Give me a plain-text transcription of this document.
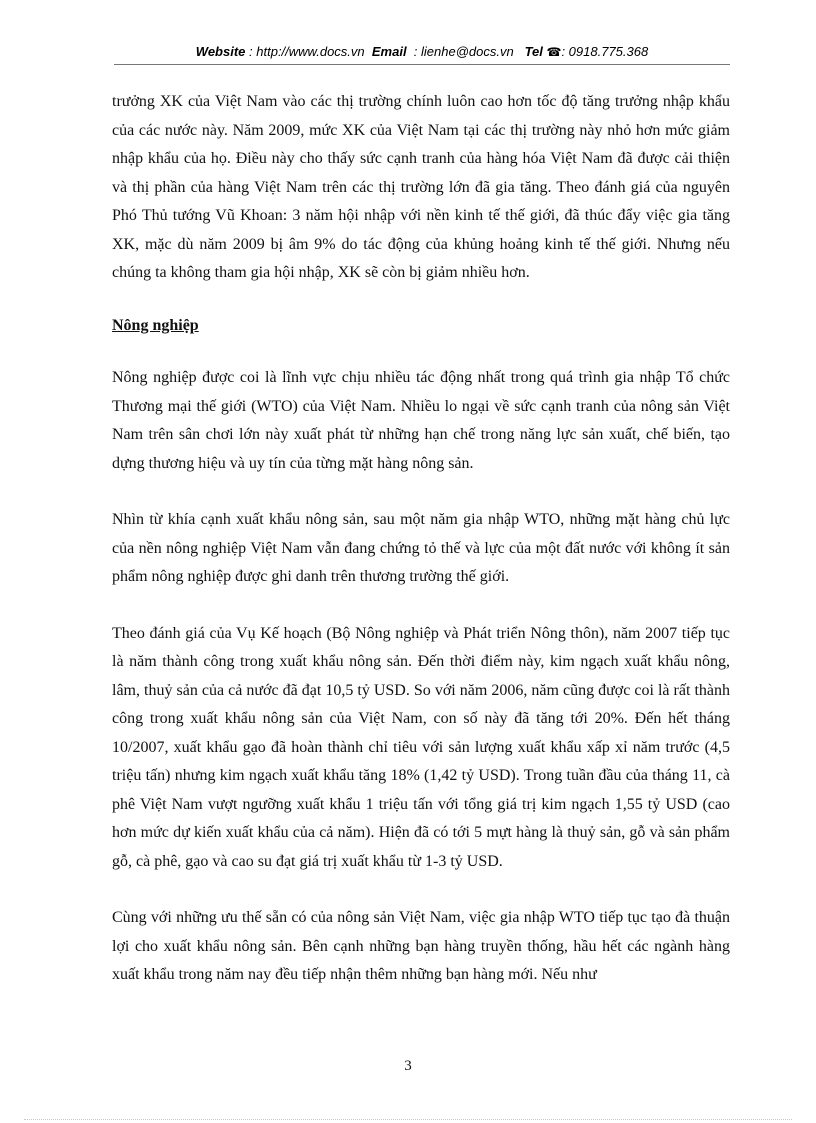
Website : http://www.docs.vn Email : lienhe@docs.vn Tel ☎: 0918.775.368

trưởng XK của Việt Nam vào các thị trường chính luôn cao hơn tốc độ tăng trưởng nhập khẩu của các nước này. Năm 2009, mức XK của Việt Nam tại các thị trường này nhỏ hơn mức giảm nhập khẩu của họ. Điều này cho thấy sức cạnh tranh của hàng hóa Việt Nam đã được cải thiện và thị phần của hàng Việt Nam trên các thị trường lớn đã gia tăng. Theo đánh giá của nguyên Phó Thủ tướng Vũ Khoan: 3 năm hội nhập với nền kinh tế thế giới, đã thúc đẩy việc gia tăng XK, mặc dù năm 2009 bị âm 9% do tác động của khủng hoảng kinh tế thế giới. Nhưng nếu chúng ta không tham gia hội nhập, XK sẽ còn bị giảm nhiều hơn.

Nông nghiệp

Nông nghiệp được coi là lĩnh vực chịu nhiều tác động nhất trong quá trình gia nhập Tổ chức Thương mại thế giới (WTO) của Việt Nam. Nhiều lo ngại về sức cạnh tranh của nông sản Việt Nam trên sân chơi lớn này xuất phát từ những hạn chế trong năng lực sản xuất, chế biến, tạo dựng thương hiệu và uy tín của từng mặt hàng nông sản.

Nhìn từ khía cạnh xuất khẩu nông sản, sau một năm gia nhập WTO, những mặt hàng chủ lực của nền nông nghiệp Việt Nam vẫn đang chứng tỏ thế và lực của một đất nước với không ít sản phẩm nông nghiệp được ghi danh trên thương trường thế giới.

Theo đánh giá của Vụ Kế hoạch (Bộ Nông nghiệp và Phát triển Nông thôn), năm 2007 tiếp tục là năm thành công trong xuất khẩu nông sản. Đến thời điểm này, kim ngạch xuất khẩu nông, lâm, thuỷ sản của cả nước đã đạt 10,5 tỷ USD. So với năm 2006, năm cũng được coi là rất thành công trong xuất khẩu nông sản của Việt Nam, con số này đã tăng tới 20%. Đến hết tháng 10/2007, xuất khẩu gạo đã hoàn thành chỉ tiêu với sản lượng xuất khẩu xấp xỉ năm trước (4,5 triệu tấn) nhưng kim ngạch xuất khẩu tăng 18% (1,42 tỷ USD). Trong tuần đầu của tháng 11, cà phê Việt Nam vượt ngưỡng xuất khẩu 1 triệu tấn với tổng giá trị kim ngạch 1,55 tỷ USD (cao hơn mức dự kiến xuất khẩu của cả năm). Hiện đã có tới 5 mựt hàng là thuỷ sản, gỗ và sản phẩm gỗ, cà phê, gạo và cao su đạt giá trị xuất khẩu từ 1-3 tỷ USD.

Cùng với những ưu thế sẵn có của nông sản Việt Nam, việc gia nhập WTO tiếp tục tạo đà thuận lợi cho xuất khẩu nông sản. Bên cạnh những bạn hàng truyền thống, hầu hết các ngành hàng xuất khẩu trong năm nay đều tiếp nhận thêm những bạn hàng mới. Nếu như

3
